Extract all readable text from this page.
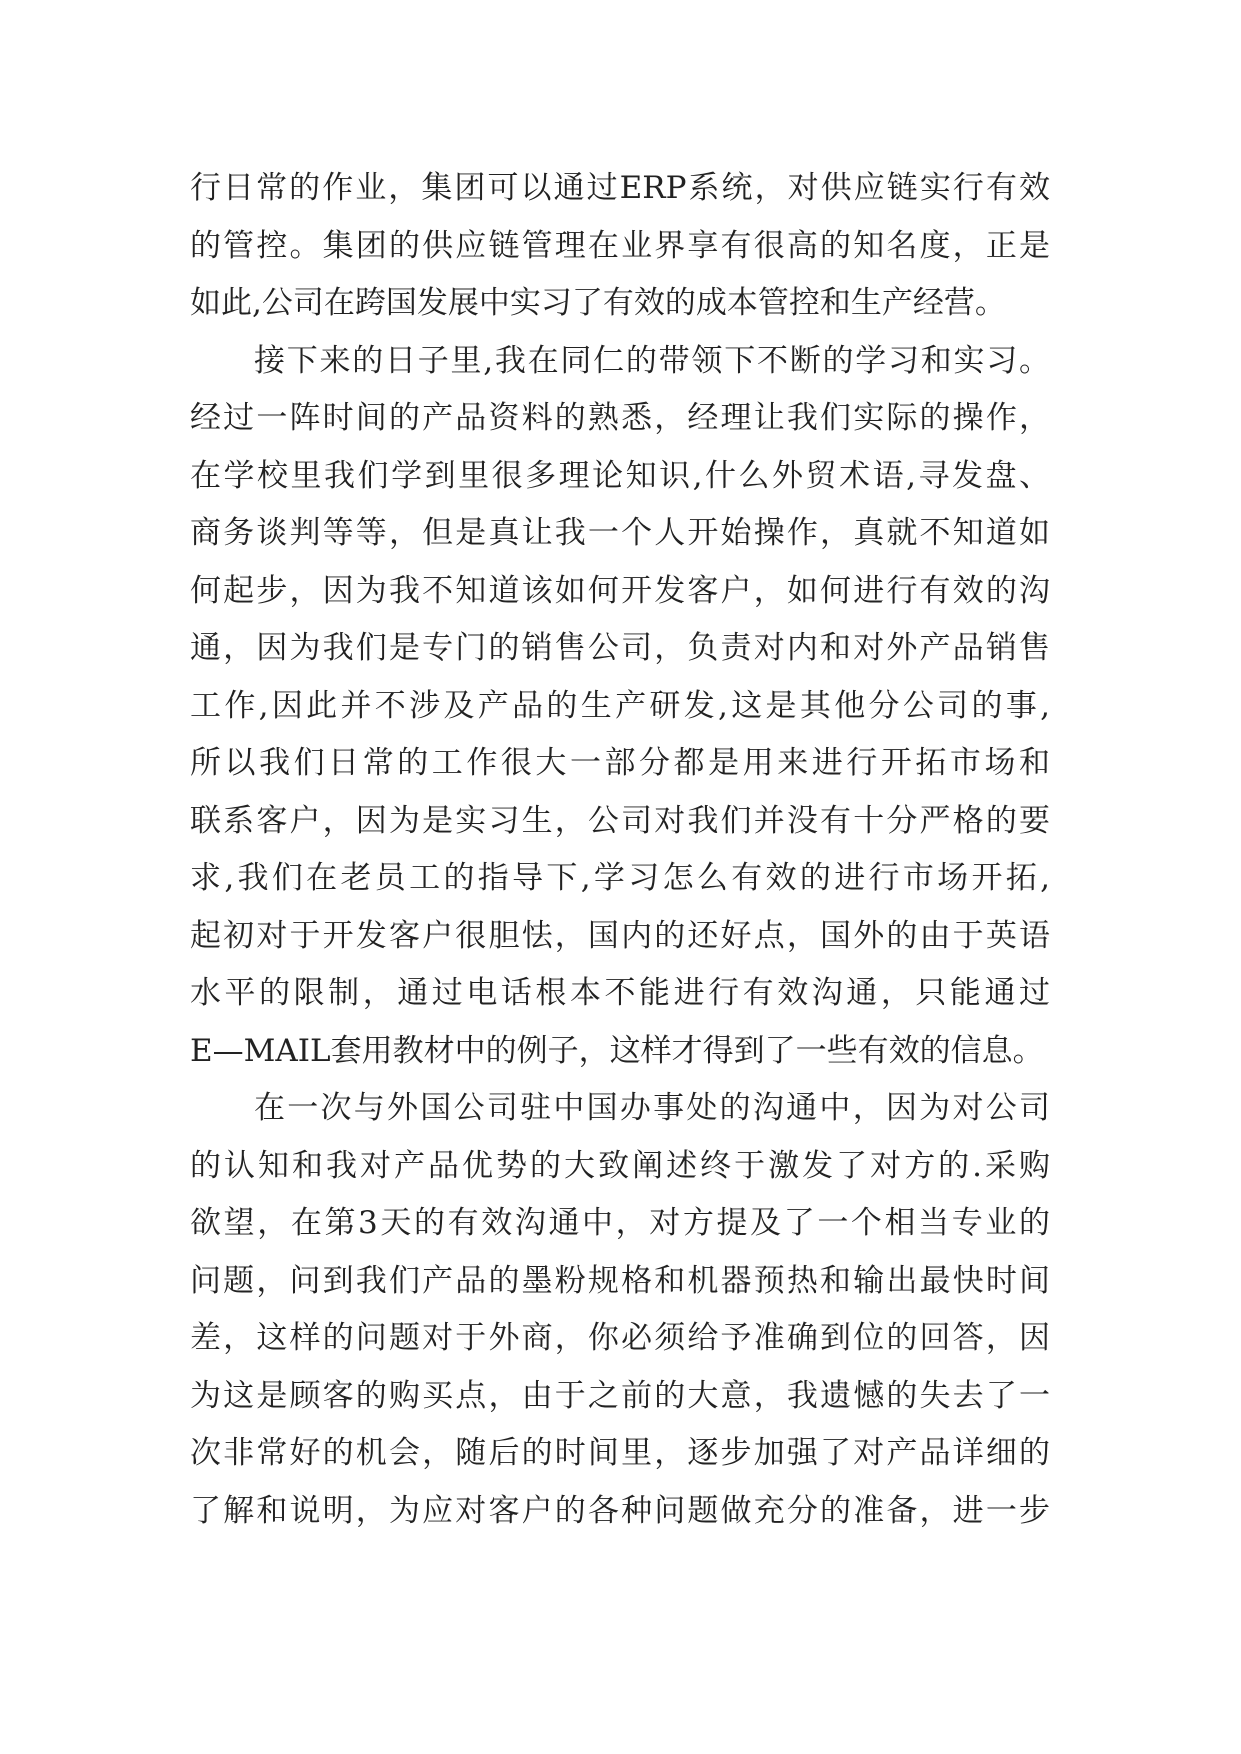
行日常的作业，集团可以通过ERP系统，对供应链实行有效
的管控。集团的供应链管理在业界享有很高的知名度，正是
如此,公司在跨国发展中实习了有效的成本管控和生产经营。
接下来的日子里,我在同仁的带领下不断的学习和实习。
经过一阵时间的产品资料的熟悉，经理让我们实际的操作，
在学校里我们学到里很多理论知识,什么外贸术语,寻发盘、
商务谈判等等，但是真让我一个人开始操作，真就不知道如
何起步，因为我不知道该如何开发客户，如何进行有效的沟
通，因为我们是专门的销售公司，负责对内和对外产品销售
工作,因此并不涉及产品的生产研发,这是其他分公司的事,
所以我们日常的工作很大一部分都是用来进行开拓市场和
联系客户，因为是实习生，公司对我们并没有十分严格的要
求,我们在老员工的指导下,学习怎么有效的进行市场开拓,
起初对于开发客户很胆怯，国内的还好点，国外的由于英语
水平的限制，通过电话根本不能进行有效沟通，只能通过
E—MAIL套用教材中的例子，这样才得到了一些有效的信息。
在一次与外国公司驻中国办事处的沟通中，因为对公司
的认知和我对产品优势的大致阐述终于激发了对方的.采购
欲望，在第3天的有效沟通中，对方提及了一个相当专业的
问题，问到我们产品的墨粉规格和机器预热和输出最快时间
差，这样的问题对于外商，你必须给予准确到位的回答，因
为这是顾客的购买点，由于之前的大意，我遗憾的失去了一
次非常好的机会，随后的时间里，逐步加强了对产品详细的
了解和说明，为应对客户的各种问题做充分的准备，进一步
